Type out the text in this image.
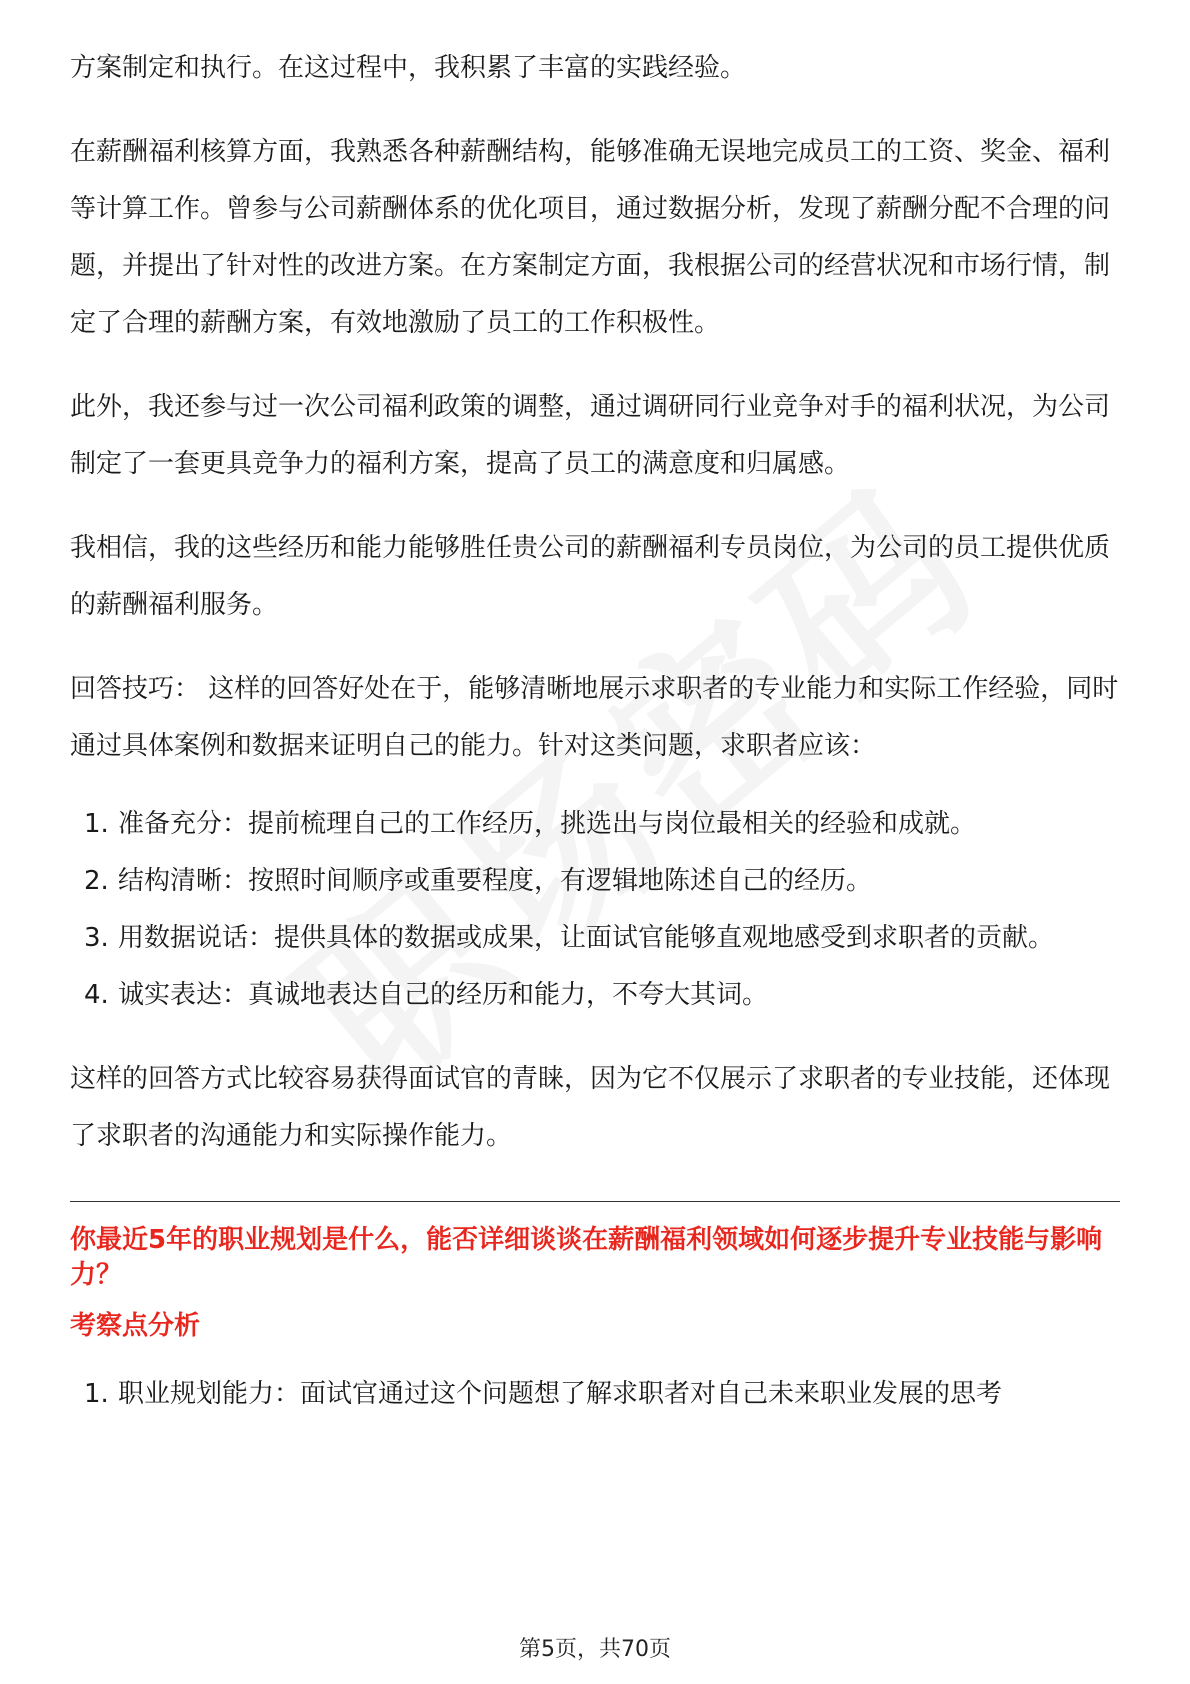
方案制定和执行。在这过程中，我积累了丰富的实践经验。

在薪酬福利核算方面，我熟悉各种薪酬结构，能够准确无误地完成员工的工资、奖金、福利等计算工作。曾参与公司薪酬体系的优化项目，通过数据分析，发现了薪酬分配不合理的问题，并提出了针对性的改进方案。在方案制定方面，我根据公司的经营状况和市场行情，制定了合理的薪酬方案，有效地激励了员工的工作积极性。

此外，我还参与过一次公司福利政策的调整，通过调研同行业竞争对手的福利状况，为公司制定了一套更具竞争力的福利方案，提高了员工的满意度和归属感。

我相信，我的这些经历和能力能够胜任贵公司的薪酬福利专员岗位，为公司的员工提供优质的薪酬福利服务。

回答技巧： 这样的回答好处在于，能够清晰地展示求职者的专业能力和实际工作经验，同时通过具体案例和数据来证明自己的能力。针对这类问题，求职者应该：

1. 准备充分：提前梳理自己的工作经历，挑选出与岗位最相关的经验和成就。
2. 结构清晰：按照时间顺序或重要程度，有逻辑地陈述自己的经历。
3. 用数据说话：提供具体的数据或成果，让面试官能够直观地感受到求职者的贡献。
4. 诚实表达：真诚地表达自己的经历和能力，不夸大其词。

这样的回答方式比较容易获得面试官的青睐，因为它不仅展示了求职者的专业技能，还体现了求职者的沟通能力和实际操作能力。

你最近5年的职业规划是什么，能否详细谈谈在薪酬福利领域如何逐步提升专业技能与影响力？

考察点分析

1. 职业规划能力：面试官通过这个问题想了解求职者对自己未来职业发展的思考
第5页，共70页
